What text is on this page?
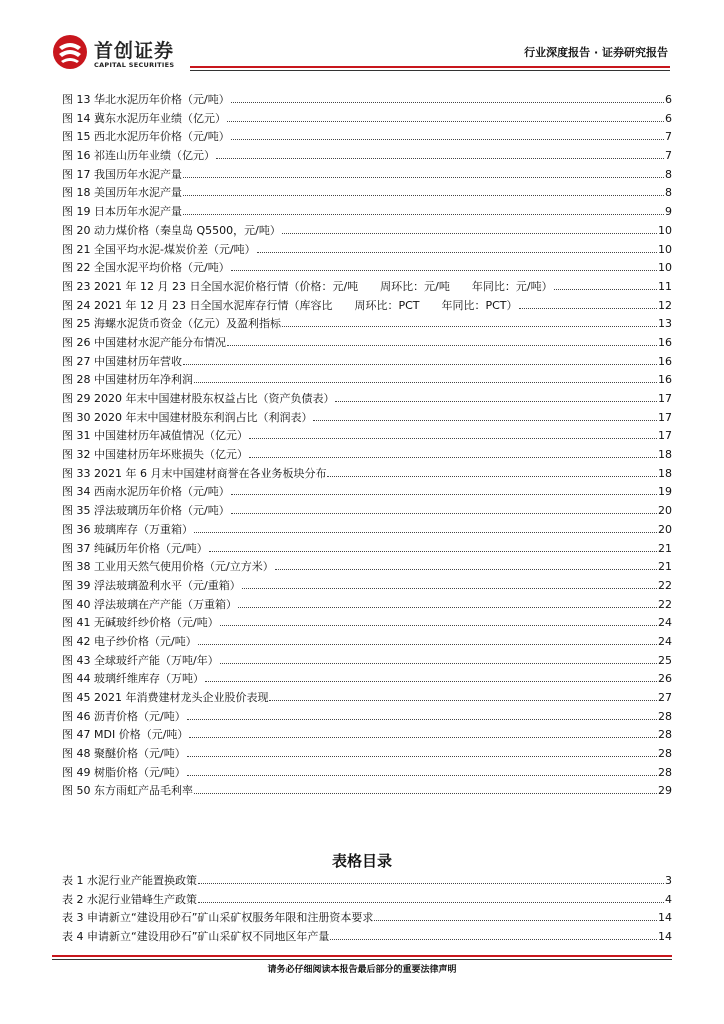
首创证券
CAPITAL SECURITIES
行业深度报告 · 证券研究报告
图 13 华北水泥历年价格（元/吨）	6
图 14 冀东水泥历年业绩（亿元）	6
图 15 西北水泥历年价格（元/吨）	7
图 16 祁连山历年业绩（亿元）	7
图 17 我国历年水泥产量	8
图 18 美国历年水泥产量	8
图 19 日本历年水泥产量	9
图 20 动力煤价格（秦皇岛 Q5500，元/吨）	10
图 21 全国平均水泥-煤炭价差（元/吨）	10
图 22 全国水泥平均价格（元/吨）	10
图 23 2021 年 12 月 23 日全国水泥价格行情（价格：元/吨　　周环比：元/吨　　年同比：元/吨）	11
图 24 2021 年 12 月 23 日全国水泥库存行情（库容比　　周环比：PCT　　年同比：PCT）	12
图 25 海螺水泥货币资金（亿元）及盈利指标	13
图 26 中国建材水泥产能分布情况	16
图 27 中国建材历年营收	16
图 28 中国建材历年净利润	16
图 29 2020 年末中国建材股东权益占比（资产负债表）	17
图 30 2020 年末中国建材股东利润占比（利润表）	17
图 31 中国建材历年减值情况（亿元）	17
图 32 中国建材历年坏账损失（亿元）	18
图 33 2021 年 6 月末中国建材商誉在各业务板块分布	18
图 34 西南水泥历年价格（元/吨）	19
图 35 浮法玻璃历年价格（元/吨）	20
图 36 玻璃库存（万重箱）	20
图 37 纯碱历年价格（元/吨）	21
图 38 工业用天然气使用价格（元/立方米）	21
图 39 浮法玻璃盈利水平（元/重箱）	22
图 40 浮法玻璃在产产能（万重箱）	22
图 41 无碱玻纤纱价格（元/吨）	24
图 42 电子纱价格（元/吨）	24
图 43 全球玻纤产能（万吨/年）	25
图 44 玻璃纤维库存（万吨）	26
图 45 2021 年消费建材龙头企业股价表现	27
图 46 沥青价格（元/吨）	28
图 47 MDI 价格（元/吨）	28
图 48 聚醚价格（元/吨）	28
图 49 树脂价格（元/吨）	28
图 50 东方雨虹产品毛利率	29
表格目录
表 1 水泥行业产能置换政策	3
表 2 水泥行业错峰生产政策	4
表 3 申请新立“建设用砂石”矿山采矿权服务年限和注册资本要求	14
表 4 申请新立“建设用砂石”矿山采矿权不同地区年产量	14
请务必仔细阅读本报告最后部分的重要法律声明
